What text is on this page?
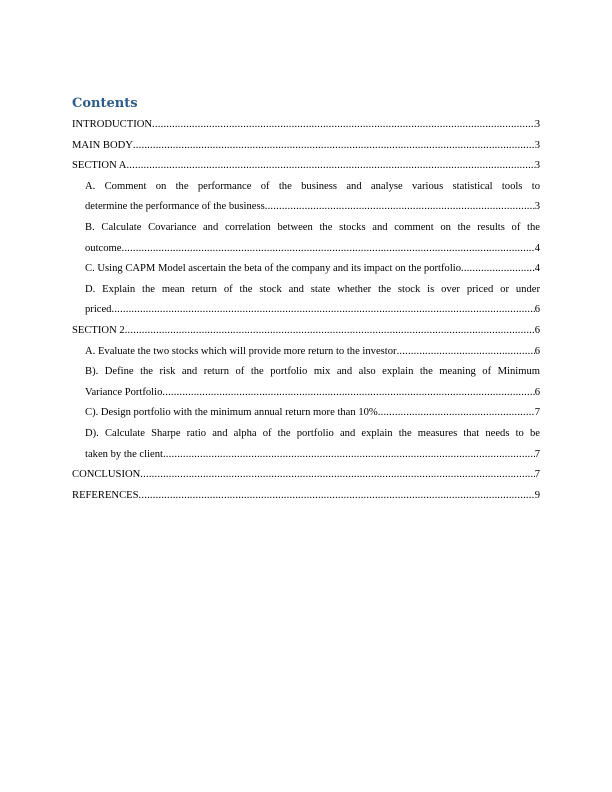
Contents
INTRODUCTION .....	3
MAIN BODY .....	3
SECTION A .....	3
A. Comment on the performance of the business and analyse various statistical tools to
determine the performance of the business .....	3
B. Calculate Covariance and correlation between the stocks and comment on the results of the
outcome .....	4
C. Using CAPM Model ascertain the beta of the company and its impact on the portfolio .....	4
D. Explain the mean return of the stock and state whether the stock is over priced or under
priced .....	6
SECTION 2 .....	6
A. Evaluate the two stocks which will provide more return to the investor .....	6
B). Define the risk and return of the portfolio mix and also explain the meaning of Minimum
Variance Portfolio .....	6
C). Design portfolio with the minimum annual return more than 10% .....	7
D). Calculate Sharpe ratio and alpha of the portfolio and explain the measures that needs to be
taken by the client .....	7
CONCLUSION .....	7
REFERENCES .....	9
